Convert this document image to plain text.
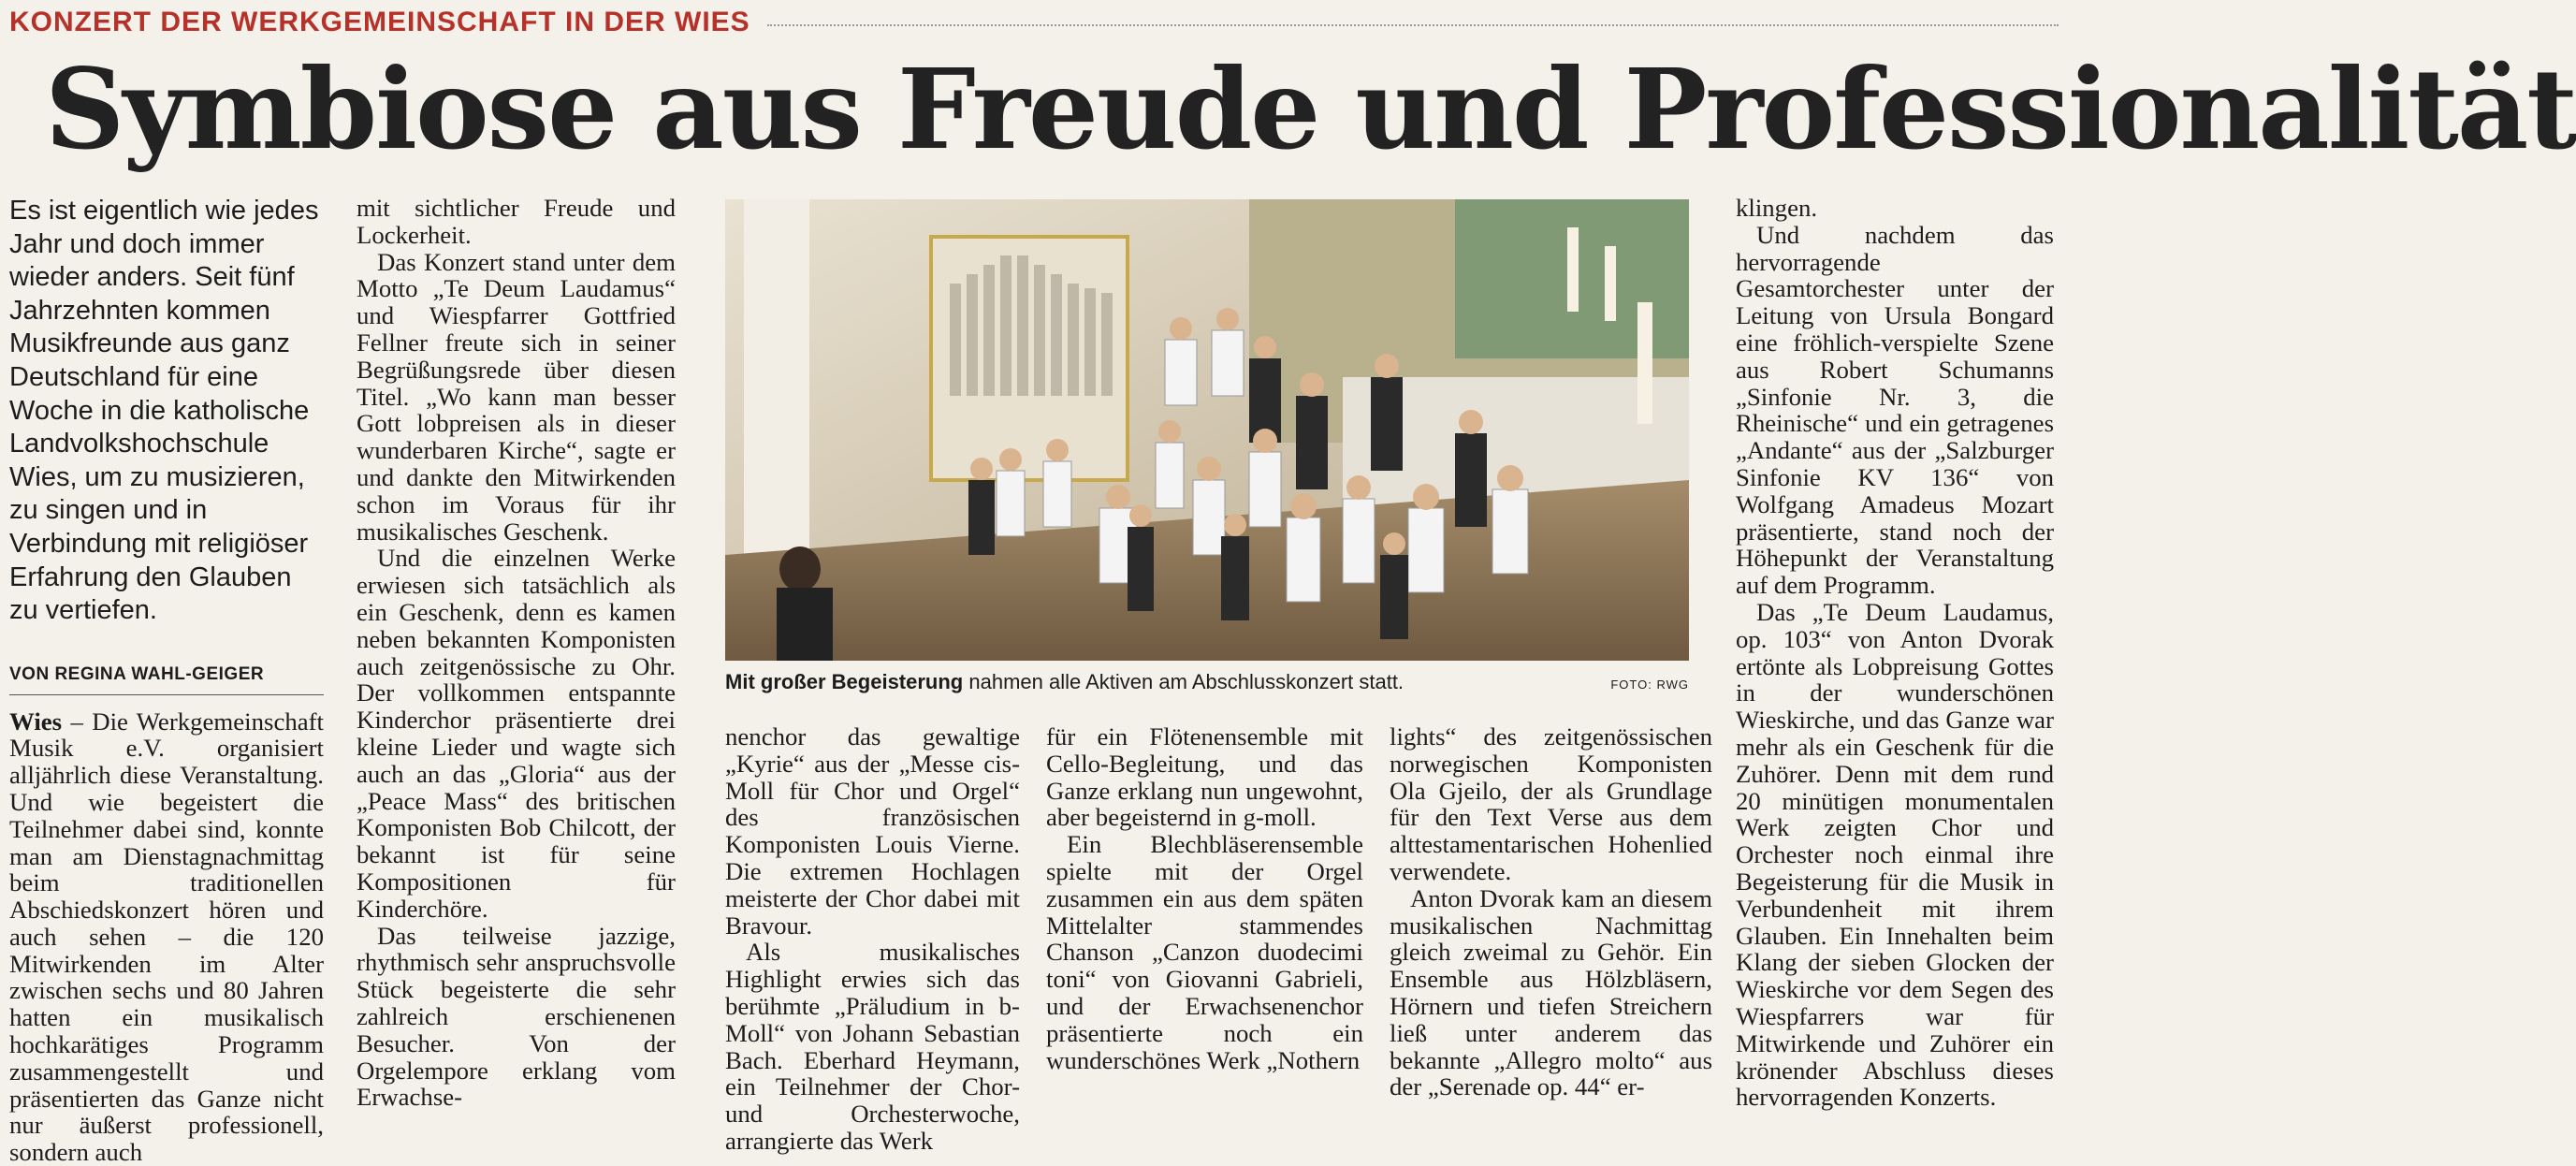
KONZERT DER WERKGEMEINSCHAFT IN DER WIES
Symbiose aus Freude und Professionalität

Es ist eigentlich wie jedes Jahr und doch immer wieder anders. Seit fünf Jahrzehnten kommen Musikfreunde aus ganz Deutschland für eine Woche in die katholische Landvolkshochschule Wies, um zu musizieren, zu singen und in Verbindung mit religiöser Erfahrung den Glauben zu vertiefen.

VON REGINA WAHL-GEIGER

Wies – Die Werkgemeinschaft Musik e.V. organisiert alljährlich diese Veranstaltung. Und wie begeistert die Teilnehmer dabei sind, konnte man am Dienstagnachmittag beim traditionellen Abschiedskonzert hören und auch sehen – die 120 Mitwirkenden im Alter zwischen sechs und 80 Jahren hatten ein musikalisch hochkarätiges Programm zusammengestellt und präsentierten das Ganze nicht nur äußerst professionell, sondern auch

mit sichtlicher Freude und Lockerheit.

Das Konzert stand unter dem Motto „Te Deum Laudamus“ und Wiespfarrer Gottfried Fellner freute sich in seiner Begrüßungsrede über diesen Titel. „Wo kann man besser Gott lobpreisen als in dieser wunderbaren Kirche“, sagte er und dankte den Mitwirkenden schon im Voraus für ihr musikalisches Geschenk.

Und die einzelnen Werke erwiesen sich tatsächlich als ein Geschenk, denn es kamen neben bekannten Komponisten auch zeitgenössische zu Ohr. Der vollkommen entspannte Kinderchor präsentierte drei kleine Lieder und wagte sich auch an das „Gloria“ aus der „Peace Mass“ des britischen Komponisten Bob Chilcott, der bekannt ist für seine Kompositionen für Kinderchöre.

Das teilweise jazzige, rhythmisch sehr anspruchsvolle Stück begeisterte die sehr zahlreich erschienenen Besucher. Von der Orgelempore erklang vom Erwachse-

Mit großer Begeisterung nahmen alle Aktiven am Abschlusskonzert statt.	FOTO: RWG

nenchor das gewaltige „Kyrie“ aus der „Messe cis-Moll für Chor und Orgel“ des französischen Komponisten Louis Vierne. Die extremen Hochlagen meisterte der Chor dabei mit Bravour.

Als musikalisches Highlight erwies sich das berühmte „Präludium in b-Moll“ von Johann Sebastian Bach. Eberhard Heymann, ein Teilnehmer der Chor- und Orchesterwoche, arrangierte das Werk

für ein Flötenensemble mit Cello-Begleitung, und das Ganze erklang nun ungewohnt, aber begeisternd in g-moll.

Ein Blechbläserensemble spielte mit der Orgel zusammen ein aus dem späten Mittelalter stammendes Chanson „Canzon duodecimi toni“ von Giovanni Gabrieli, und der Erwachsenenchor präsentierte noch ein wunderschönes Werk „Nothern

lights“ des zeitgenössischen norwegischen Komponisten Ola Gjeilo, der als Grundlage für den Text Verse aus dem alttestamentarischen Hohenlied verwendete.

Anton Dvorak kam an diesem musikalischen Nachmittag gleich zweimal zu Gehör. Ein Ensemble aus Hölzbläsern, Hörnern und tiefen Streichern ließ unter anderem das bekannte „Allegro molto“ aus der „Serenade op. 44“ er-

klingen.

Und nachdem das hervorragende Gesamtorchester unter der Leitung von Ursula Bongard eine fröhlich-verspielte Szene aus Robert Schumanns „Sinfonie Nr. 3, die Rheinische“ und ein getragenes „Andante“ aus der „Salzburger Sinfonie KV 136“ von Wolfgang Amadeus Mozart präsentierte, stand noch der Höhepunkt der Veranstaltung auf dem Programm.

Das „Te Deum Laudamus, op. 103“ von Anton Dvorak ertönte als Lobpreisung Gottes in der wunderschönen Wieskirche, und das Ganze war mehr als ein Geschenk für die Zuhörer. Denn mit dem rund 20 minütigen monumentalen Werk zeigten Chor und Orchester noch einmal ihre Begeisterung für die Musik in Verbundenheit mit ihrem Glauben. Ein Innehalten beim Klang der sieben Glocken der Wieskirche vor dem Segen des Wiespfarrers war für Mitwirkende und Zuhörer ein krönender Abschluss dieses hervorragenden Konzerts.
